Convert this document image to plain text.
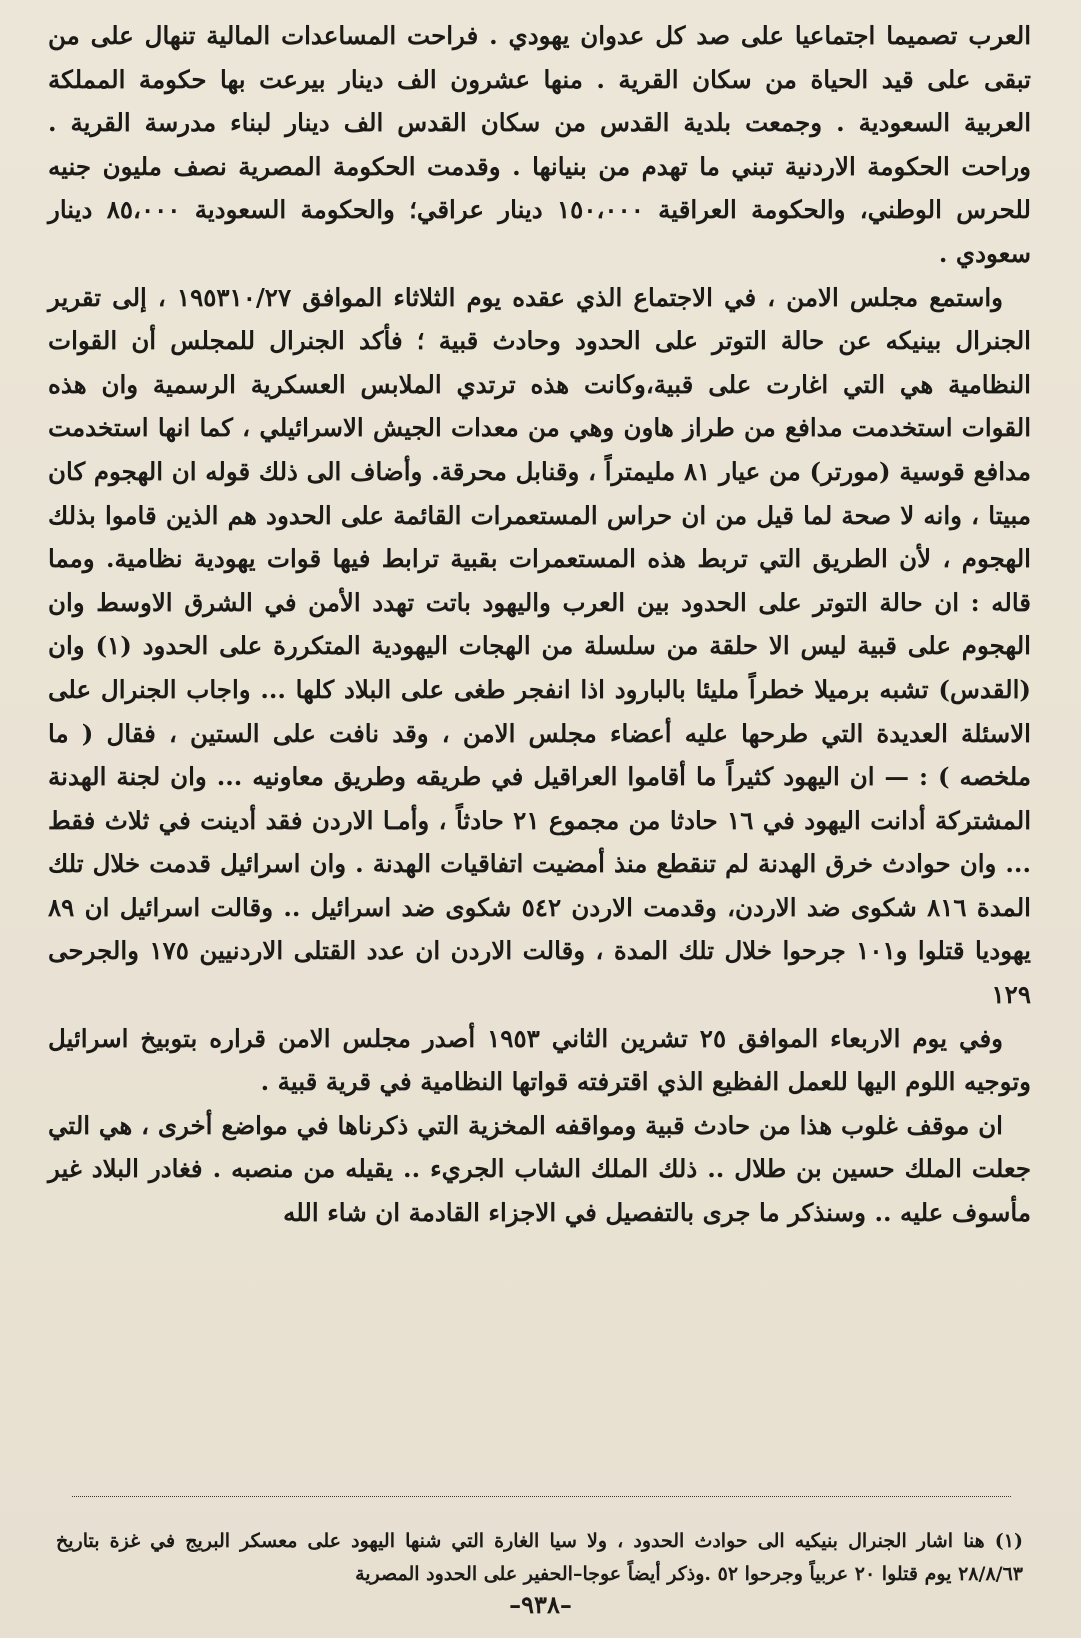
العرب تصميما اجتماعيا على صد كل عدوان يهودي . فراحت المساعدات المالية تنهال على من تبقى على قيد الحياة من سكان القرية . منها عشرون الف دينار بيرعت بها حكومة المملكة العربية السعودية . وجمعت بلدية القدس من سكان القدس الف دينار لبناء مدرسة القرية . وراحت الحكومة الاردنية تبني ما تهدم من بنيانها . وقدمت الحكومة المصرية نصف مليون جنيه للحرس الوطني، والحكومة العراقية ١٥٠،٠٠٠ دينار عراقي؛ والحكومة السعودية ٨٥،٠٠٠ دينار سعودي .

واستمع مجلس الامن ، في الاجتماع الذي عقده يوم الثلاثاء الموافق ١٩٥٣١٠/٢٧ ، إلى تقرير الجنرال بينيكه عن حالة التوتر على الحدود وحادث قبية ؛ فأكد الجنرال للمجلس أن القوات النظامية هي التي اغارت على قبية،وكانت هذه ترتدي الملابس العسكرية الرسمية وان هذه القوات استخدمت مدافع من طراز هاون وهي من معدات الجيش الاسرائيلي ، كما انها استخدمت مدافع قوسية (مورتر) من عيار ٨١ مليمتراً ، وقنابل محرقة. وأضاف الى ذلك قوله ان الهجوم كان مبيتا ، وانه لا صحة لما قيل من ان حراس المستعمرات القائمة على الحدود هم الذين قاموا بذلك الهجوم ، لأن الطريق التي تربط هذه المستعمرات بقبية ترابط فيها قوات يهودية نظامية. ومما قاله : ان حالة التوتر على الحدود بين العرب واليهود باتت تهدد الأمن في الشرق الاوسط وان الهجوم على قبية ليس الا حلقة من سلسلة من الهجات اليهودية المتكررة على الحدود (١) وان (القدس) تشبه برميلا خطراً مليئا بالبارود اذا انفجر طغى على البلاد كلها ... واجاب الجنرال على الاسئلة العديدة التي طرحها عليه أعضاء مجلس الامن ، وقد نافت على الستين ، فقال ( ما ملخصه ) : — ان اليهود كثيراً ما أقاموا العراقيل في طريقه وطريق معاونيه ... وان لجنة الهدنة المشتركة أدانت اليهود في ١٦ حادثا من مجموع ٢١ حادثاً ، وأمـا الاردن فقد أدينت في ثلاث فقط ... وان حوادث خرق الهدنة لم تنقطع منذ أمضيت اتفاقيات الهدنة . وان اسرائيل قدمت خلال تلك المدة ٨١٦ شكوى ضد الاردن، وقدمت الاردن ٥٤٢ شكوى ضد اسرائيل .. وقالت اسرائيل ان ٨٩ يهوديا قتلوا و١٠١ جرحوا خلال تلك المدة ، وقالت الاردن ان عدد القتلى الاردنيين ١٧٥ والجرحى ١٢٩

وفي يوم الاربعاء الموافق ٢٥ تشرين الثاني ١٩٥٣ أصدر مجلس الامن قراره بتوبيخ اسرائيل وتوجيه اللوم اليها للعمل الفظيع الذي اقترفته قواتها النظامية في قرية قبية .

ان موقف غلوب هذا من حادث قبية ومواقفه المخزية التي ذكرناها في مواضع أخرى ، هي التي جعلت الملك حسين بن طلال .. ذلك الملك الشاب الجريء .. يقيله من منصبه . فغادر البلاد غير مأسوف عليه .. وسنذكر ما جرى بالتفصيل في الاجزاء القادمة ان شاء الله

(١) هنا اشار الجنرال بنيكيه الى حوادث الحدود ، ولا سيا الغارة التي شنها اليهود على معسكر البريج في غزة بتاريخ ٢٨/٨/٦٣ يوم قتلوا ٢٠ عربياً وجرحوا ٥٢ .وذكر أيضاً عوجا–الحفير على الحدود المصرية

–٩٣٨–
